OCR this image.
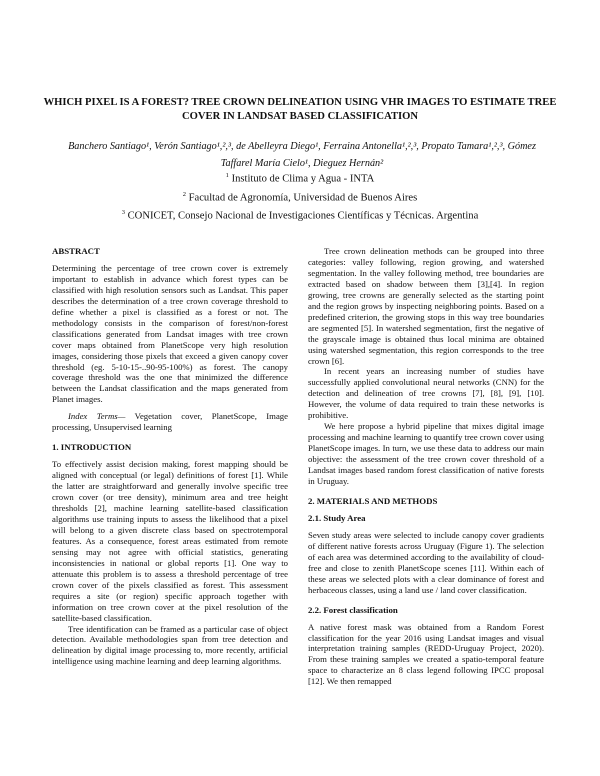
WHICH PIXEL IS A FOREST? TREE CROWN DELINEATION USING VHR IMAGES TO ESTIMATE TREE COVER IN LANDSAT BASED CLASSIFICATION
Banchero Santiago¹, Verón Santiago¹,²,³, de Abelleyra Diego¹, Ferraina Antonella¹,²,³, Propato Tamara¹,²,³, Gómez Taffarel María Cielo¹, Dieguez Hernán²
$^1$ Instituto de Clima y Agua - INTA
$^2$ Facultad de Agronomía, Universidad de Buenos Aires
$^3$ CONICET, Consejo Nacional de Investigaciones Científicas y Técnicas. Argentina

ABSTRACT

Determining the percentage of tree crown cover is extremely important to establish in advance which forest types can be classified with high resolution sensors such as Landsat. This paper describes the determination of a tree crown coverage threshold to define whether a pixel is classified as a forest or not. The methodology consists in the comparison of forest/non-forest classifications generated from Landsat images with tree crown cover maps obtained from PlanetScope very high resolution images, considering those pixels that exceed a given canopy cover threshold (eg. 5-10-15-..90-95-100%) as forest. The canopy coverage threshold was the one that minimized the difference between the Landsat classification and the maps generated from Planet images.

Index Terms— Vegetation cover, PlanetScope, Image processing, Unsupervised learning

1. INTRODUCTION

To effectively assist decision making, forest mapping should be aligned with conceptual (or legal) definitions of forest [1]. While the latter are straightforward and generally involve specific tree crown cover (or tree density), minimum area and tree height thresholds [2], machine learning satellite-based classification algorithms use training inputs to assess the likelihood that a pixel will belong to a given discrete class based on spectrotemporal features. As a consequence, forest areas estimated from remote sensing may not agree with official statistics, generating inconsistencies in national or global reports [1]. One way to attenuate this problem is to assess a threshold percentage of tree crown cover of the pixels classified as forest. This assessment requires a site (or region) specific approach together with information on tree crown cover at the pixel resolution of the satellite-based classification.

Tree identification can be framed as a particular case of object detection. Available methodologies span from tree detection and delineation by digital image processing to, more recently, artificial intelligence using machine learning and deep learning algorithms.

Tree crown delineation methods can be grouped into three categories: valley following, region growing, and watershed segmentation. In the valley following method, tree boundaries are extracted based on shadow between them [3],[4]. In region growing, tree crowns are generally selected as the starting point and the region grows by inspecting neighboring points. Based on a predefined criterion, the growing stops in this way tree boundaries are segmented [5]. In watershed segmentation, first the negative of the grayscale image is obtained thus local minima are obtained using watershed segmentation, this region corresponds to the tree crown [6].

In recent years an increasing number of studies have successfully applied convolutional neural networks (CNN) for the detection and delineation of tree crowns [7], [8], [9], [10]. However, the volume of data required to train these networks is prohibitive.

We here propose a hybrid pipeline that mixes digital image processing and machine learning to quantify tree crown cover using PlanetScope images. In turn, we use these data to address our main objective: the assessment of the tree crown cover threshold of a Landsat images based random forest classification of native forests in Uruguay.

2. MATERIALS AND METHODS

2.1. Study Area

Seven study areas were selected to include canopy cover gradients of different native forests across Uruguay (Figure 1). The selection of each area was determined according to the availability of cloud-free and close to zenith PlanetScope scenes [11]. Within each of these areas we selected plots with a clear dominance of forest and herbaceous classes, using a land use / land cover classification.

2.2. Forest classification

A native forest mask was obtained from a Random Forest classification for the year 2016 using Landsat images and visual interpretation training samples (REDD-Uruguay Project, 2020). From these training samples we created a spatio-temporal feature space to characterize an 8 class legend following IPCC proposal [12]. We then remapped
